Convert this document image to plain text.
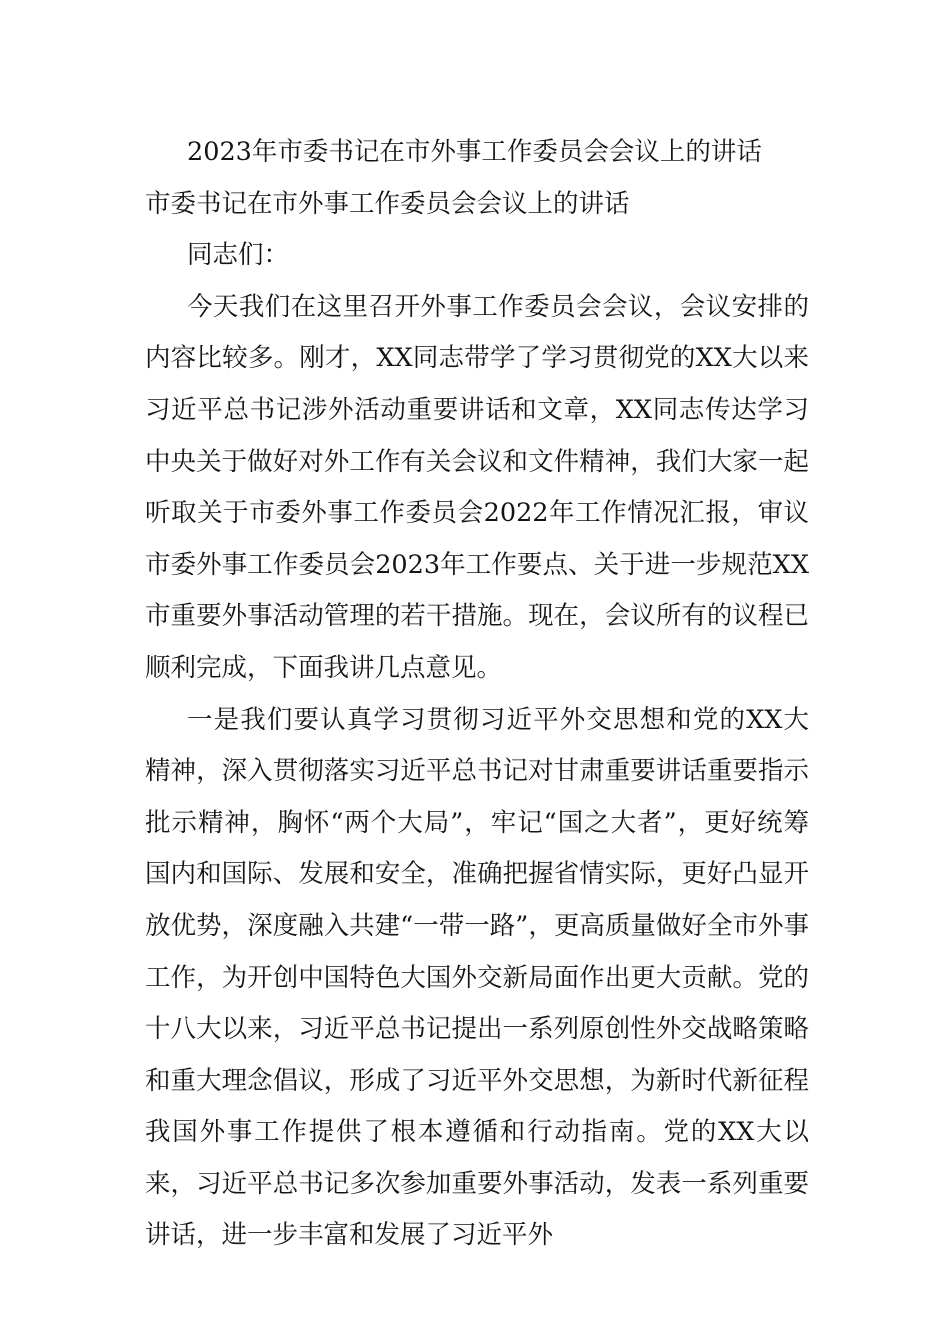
2023年市委书记在市外事工作委员会会议上的讲话

市委书记在市外事工作委员会会议上的讲话

同志们：

今天我们在这里召开外事工作委员会会议，会议安排的内容比较多。刚才，XX同志带学了学习贯彻党的XX大以来习近平总书记涉外活动重要讲话和文章，XX同志传达学习中央关于做好对外工作有关会议和文件精神，我们大家一起听取关于市委外事工作委员会2022年工作情况汇报，审议市委外事工作委员会2023年工作要点、关于进一步规范XX市重要外事活动管理的若干措施。现在，会议所有的议程已顺利完成，下面我讲几点意见。

一是我们要认真学习贯彻习近平外交思想和党的XX大精神，深入贯彻落实习近平总书记对甘肃重要讲话重要指示批示精神，胸怀“两个大局”，牢记“国之大者”，更好统筹国内和国际、发展和安全，准确把握省情实际，更好凸显开放优势，深度融入共建“一带一路”，更高质量做好全市外事工作，为开创中国特色大国外交新局面作出更大贡献。党的十八大以来，习近平总书记提出一系列原创性外交战略策略和重大理念倡议，形成了习近平外交思想，为新时代新征程我国外事工作提供了根本遵循和行动指南。党的XX大以来，习近平总书记多次参加重要外事活动，发表一系列重要讲话，进一步丰富和发展了习近平外
